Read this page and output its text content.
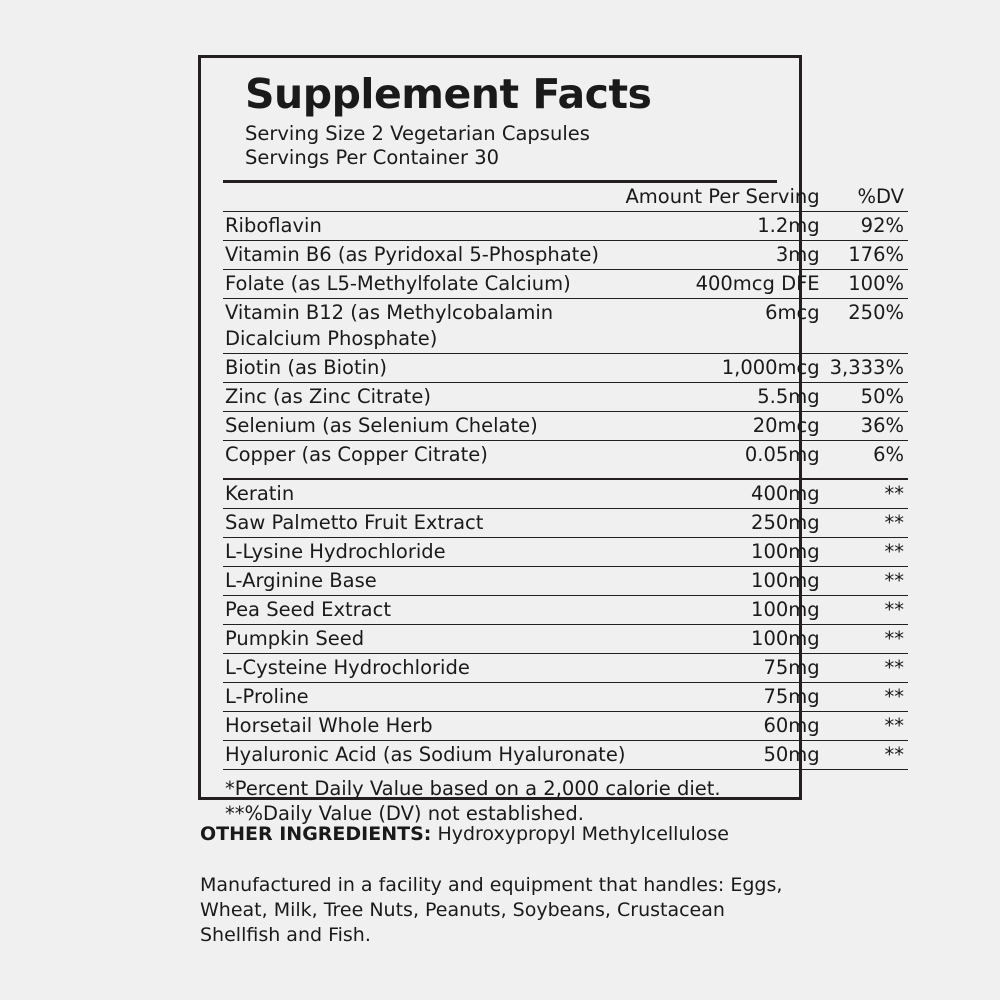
Supplement Facts
Serving Size 2 Vegetarian Capsules
Servings Per Container 30
	Amount Per Serving	%DV
Riboflavin	1.2mg	92%
Vitamin B6 (as Pyridoxal 5-Phosphate)	3mg	176%
Folate (as L5-Methylfolate Calcium)	400mcg DFE	100%
Vitamin B12 (as Methylcobalamin	6mcg	250%
Dicalcium Phosphate)		
Biotin (as Biotin)	1,000mcg	3,333%
Zinc (as Zinc Citrate)	5.5mg	50%
Selenium (as Selenium Chelate)	20mcg	36%
Copper (as Copper Citrate)	0.05mg	6%

Keratin	400mg	**
Saw Palmetto Fruit Extract	250mg	**
L-Lysine Hydrochloride	100mg	**
L-Arginine Base	100mg	**
Pea Seed Extract	100mg	**
Pumpkin Seed	100mg	**
L-Cysteine Hydrochloride	75mg	**
L-Proline	75mg	**
Horsetail Whole Herb	60mg	**
Hyaluronic Acid (as Sodium Hyaluronate)	50mg	**
*Percent Daily Value based on a 2,000 calorie diet.
**%Daily Value (DV) not established.

OTHER INGREDIENTS: Hydroxypropyl Methylcellulose

Manufactured in a facility and equipment that handles: Eggs, Wheat, Milk, Tree Nuts, Peanuts, Soybeans, Crustacean Shellfish and Fish.
